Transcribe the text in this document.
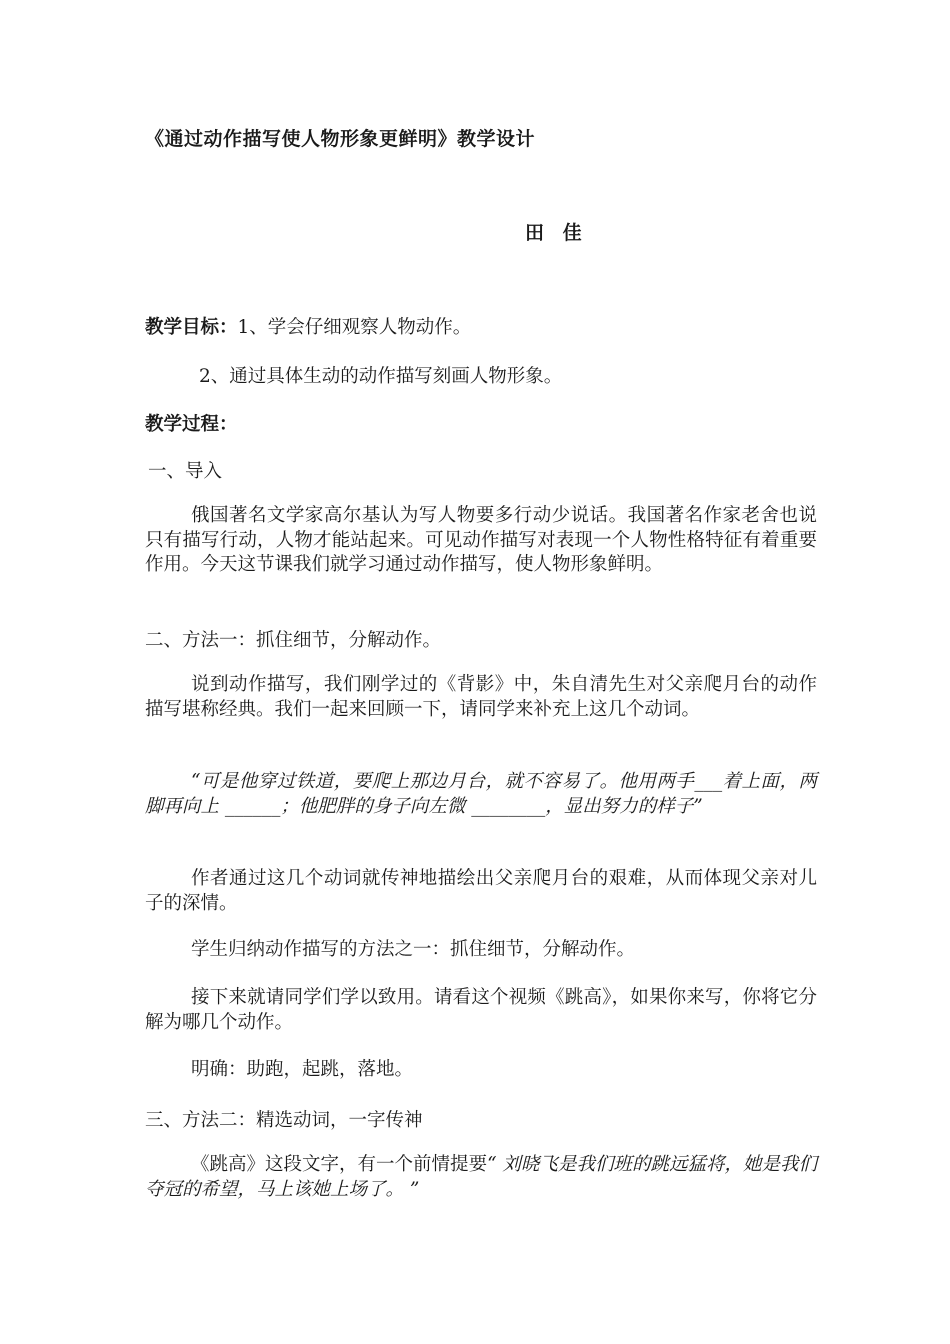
《通过动作描写使人物形象更鲜明》教学设计
田 佳
教学目标：1、学会仔细观察人物动作。
2、通过具体生动的动作描写刻画人物形象。
教学过程：
一、导入
俄国著名文学家高尔基认为写人物要多行动少说话。我国著名作家老舍也说只有描写行动，人物才能站起来。可见动作描写对表现一个人物性格特征有着重要作用。今天这节课我们就学习通过动作描写，使人物形象鲜明。
二、方法一：抓住细节，分解动作。
说到动作描写，我们刚学过的《背影》中，朱自清先生对父亲爬月台的动作描写堪称经典。我们一起来回顾一下，请同学来补充上这几个动词。
“可是他穿过铁道，要爬上那边月台，就不容易了。他用两手___着上面，两脚再向上 ______；他肥胖的身子向左微 ________，显出努力的样子”
作者通过这几个动词就传神地描绘出父亲爬月台的艰难，从而体现父亲对儿子的深情。
学生归纳动作描写的方法之一：抓住细节，分解动作。
接下来就请同学们学以致用。请看这个视频《跳高》，如果你来写，你将它分解为哪几个动作。
明确：助跑，起跳，落地。
三、方法二：精选动词，一字传神
《跳高》这段文字，有一个前情提要“ 刘晓飞是我们班的跳远猛将，她是我们夺冠的希望，马上该她上场了。 ”
